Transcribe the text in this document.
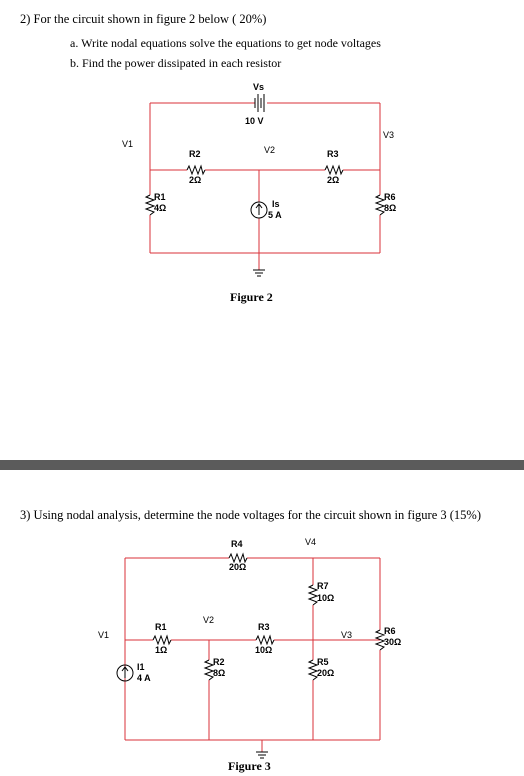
2) For the circuit shown in figure 2 below ( 20%)
a. Write nodal equations solve the equations to get node voltages
b. Find the power dissipated in each resistor
Vs
10 V
V1
V2
V3
R2
2Ω
R3
2Ω
R1
4Ω
R6
8Ω
Is
5 A
Figure 2
3) Using nodal analysis, determine the node voltages for the circuit shown in figure 3 (15%)
V4
R4
20Ω
R7
10Ω
V1
V2
V3
R1
1Ω
R3
10Ω
R6
30Ω
R2
8Ω
R5
20Ω
I1
4 A
Figure 3
